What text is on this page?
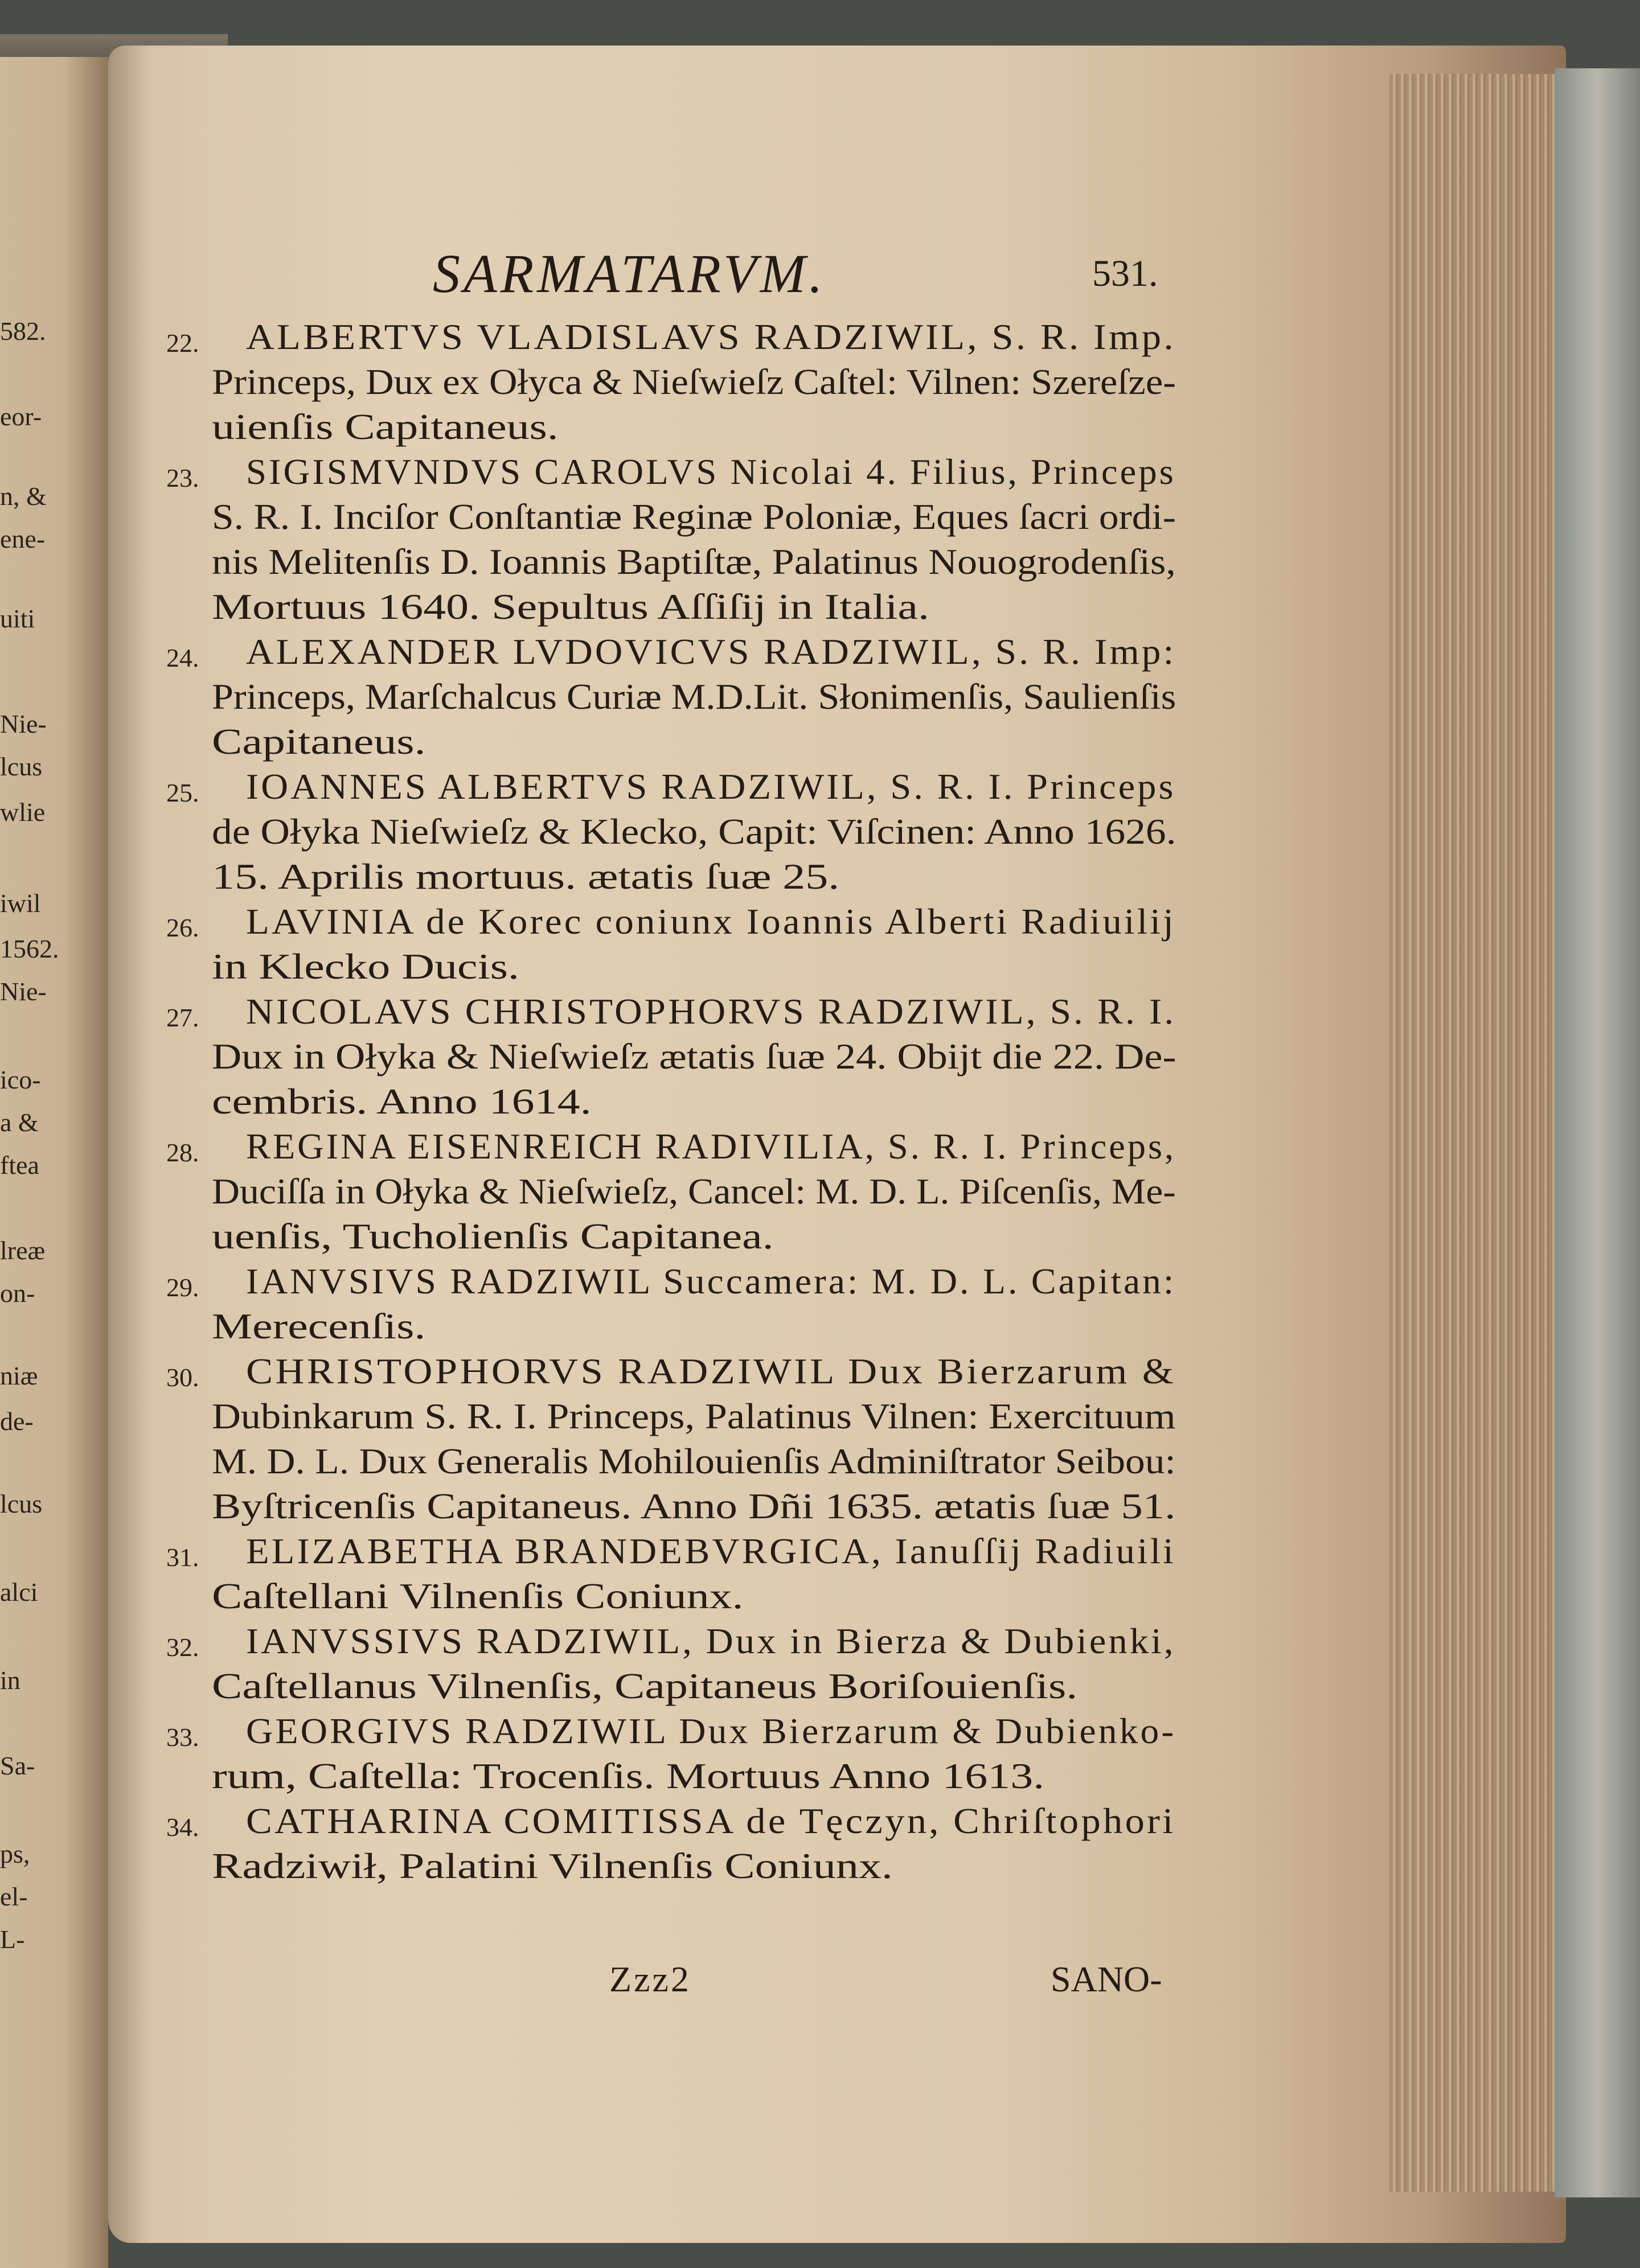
SARMATARVM.	531.
22. ALBERTVS VLADISLAVS RADZIWIL, S. R. Imp.
Princeps, Dux ex Ołyca & Nieſwieſz Caſtel: Vilnen: Szereſze-
uienſis Capitaneus.
23. SIGISMVNDVS CAROLVS Nicolai 4. Filius, Princeps
S. R. I. Inciſor Conſtantiæ Reginæ Poloniæ, Eques ſacri ordi-
nis Melitenſis D. Ioannis Baptiſtæ, Palatinus Nouogrodenſis,
Mortuus 1640. Sepultus Aſſiſij in Italia.
24. ALEXANDER LVDOVICVS RADZIWIL, S. R. Imp:
Princeps, Marſchalcus Curiæ M.D.Lit. Słonimenſis, Saulienſis
Capitaneus.
25. IOANNES ALBERTVS RADZIWIL, S. R. I. Princeps
de Ołyka Nieſwieſz & Klecko, Capit: Viſcinen: Anno 1626.
15. Aprilis mortuus. ætatis ſuæ 25.
26. LAVINIA de Korec coniunx Ioannis Alberti Radiuilij
in Klecko Ducis.
27. NICOLAVS CHRISTOPHORVS RADZIWIL, S. R. I.
Dux in Ołyka & Nieſwieſz ætatis ſuæ 24. Obijt die 22. De-
cembris. Anno 1614.
28. REGINA EISENREICH RADIVILIA, S. R. I. Princeps,
Duciſſa in Ołyka & Nieſwieſz, Cancel: M. D. L. Piſcenſis, Me-
uenſis, Tucholienſis Capitanea.
29. IANVSIVS RADZIWIL Succamera: M. D. L. Capitan:
Merecenſis.
30. CHRISTOPHORVS RADZIWIL Dux Bierzarum &
Dubinkarum S. R. I. Princeps, Palatinus Vilnen: Exercituum
M. D. L. Dux Generalis Mohilouienſis Adminiſtrator Seibou:
Byſtricenſis Capitaneus. Anno Dñi 1635. ætatis ſuæ 51.
31. ELIZABETHA BRANDEBVRGICA, Ianuſſij Radiuili
Caſtellani Vilnenſis Coniunx.
32. IANVSSIVS RADZIWIL, Dux in Bierza & Dubienki,
Caſtellanus Vilnenſis, Capitaneus Boriſouienſis.
33. GEORGIVS RADZIWIL Dux Bierzarum & Dubienko-
rum, Caſtella: Trocenſis. Mortuus Anno 1613.
34. CATHARINA COMITISSA de Tęczyn, Chriſtophori
Radziwił, Palatini Vilnenſis Coniunx.
Zzz2	SANO-
582.
eor-
n, &
ene-
uiti
Nie-
lcus
wlie
iwil
1562.
Nie-
ico-
a &
ftea
lreæ
on-
niæ
de-
lcus
alci
in
Sa-
ps,
el-
L-
